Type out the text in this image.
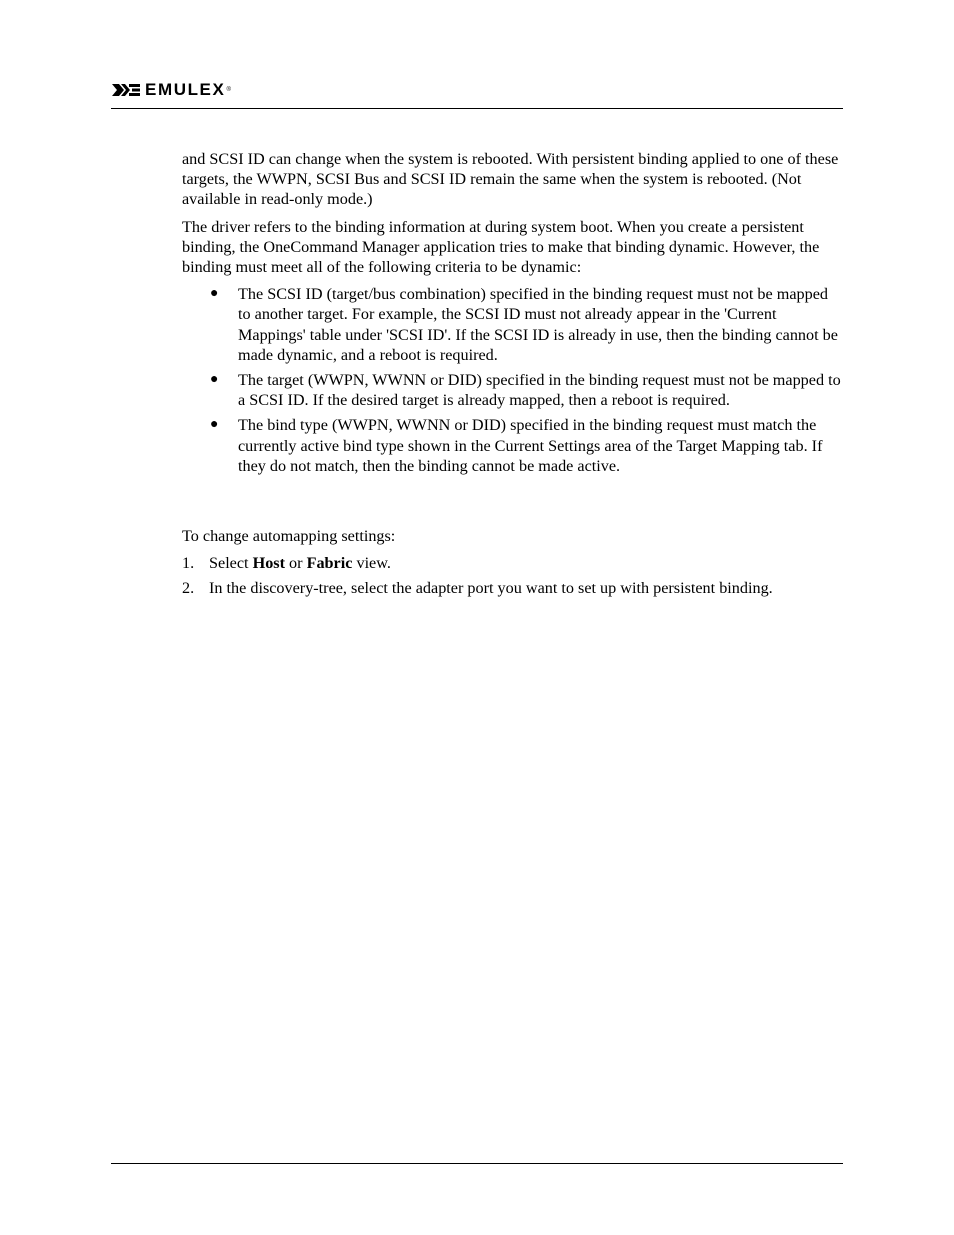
EMULEX ®

and SCSI ID can change when the system is rebooted. With persistent binding applied to one of these targets, the WWPN, SCSI Bus and SCSI ID remain the same when the system is rebooted. (Not available in read-only mode.)

The driver refers to the binding information at during system boot. When you create a persistent binding, the OneCommand Manager application tries to make that binding dynamic. However, the binding must meet all of the following criteria to be dynamic:

● The SCSI ID (target/bus combination) specified in the binding request must not be mapped to another target. For example, the SCSI ID must not already appear in the 'Current Mappings' table under 'SCSI ID'. If the SCSI ID is already in use, then the binding cannot be made dynamic, and a reboot is required.
● The target (WWPN, WWNN or DID) specified in the binding request must not be mapped to a SCSI ID. If the desired target is already mapped, then a reboot is required.
● The bind type (WWPN, WWNN or DID) specified in the binding request must match the currently active bind type shown in the Current Settings area of the Target Mapping tab. If they do not match, then the binding cannot be made active.

To change automapping settings:

1. Select Host or Fabric view.
2. In the discovery-tree, select the adapter port you want to set up with persistent binding.
